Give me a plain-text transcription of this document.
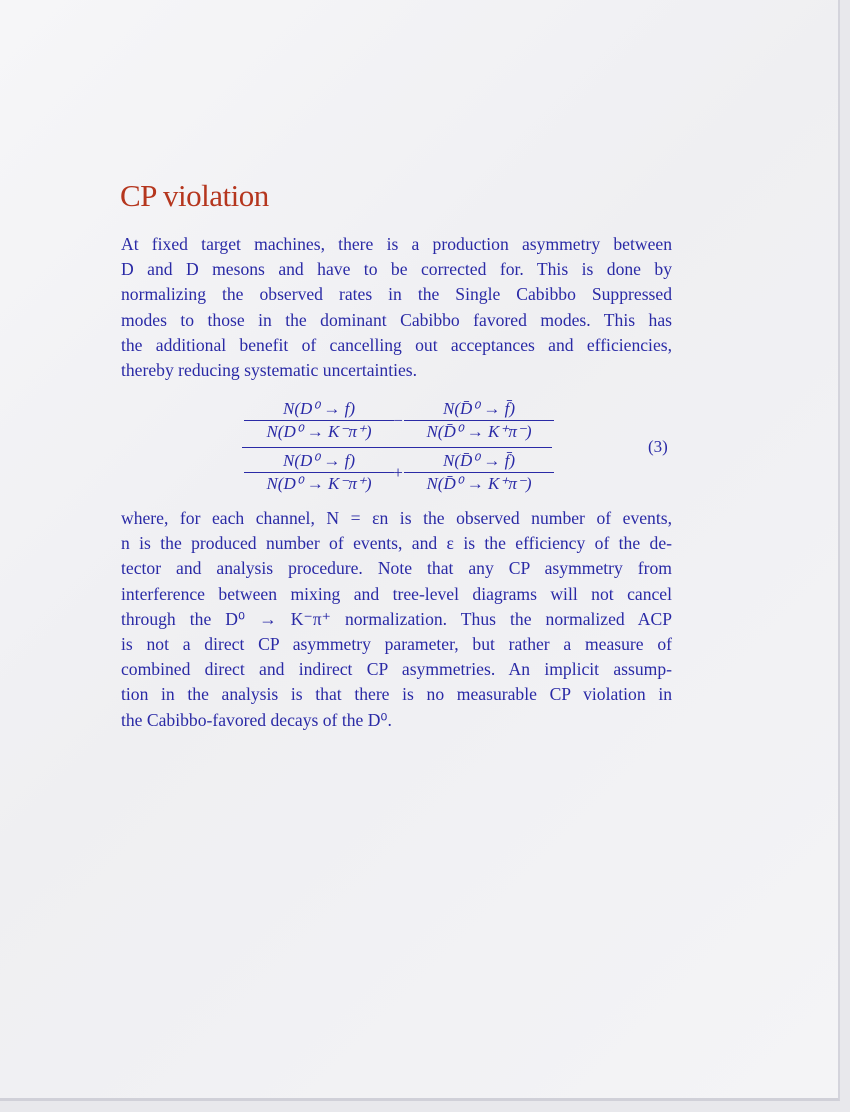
CP violation
At fixed target machines, there is a production asymmetry between
D and D mesons and have to be corrected for. This is done by
normalizing the observed rates in the Single Cabibbo Suppressed
modes to those in the dominant Cabibbo favored modes. This has
the additional benefit of cancelling out acceptances and efficiencies,
thereby reducing systematic uncertainties.
$\frac{\text{N(D⁰ → f)}}{\text{N(D⁰ → K⁻π⁺)}} - \frac{\text{N(D̄⁰ → f̄)}}{\text{N(D̄⁰ → K⁺π⁻)}}$
$\frac{\text{N(D⁰ → f)}}{\text{N(D⁰ → K⁻π⁺)}} + \frac{\text{N(D̄⁰ → f̄)}}{\text{N(D̄⁰ → K⁺π⁻)}}$
(3)
where, for each channel, N = εn is the observed number of events,
n is the produced number of events, and ε is the efficiency of the de-
tector and analysis procedure. Note that any CP asymmetry from
interference between mixing and tree-level diagrams will not cancel
through the D⁰ → K⁻π⁺ normalization. Thus the normalized ACP
is not a direct CP asymmetry parameter, but rather a measure of
combined direct and indirect CP asymmetries. An implicit assump-
tion in the analysis is that there is no measurable CP violation in
the Cabibbo-favored decays of the D⁰.
